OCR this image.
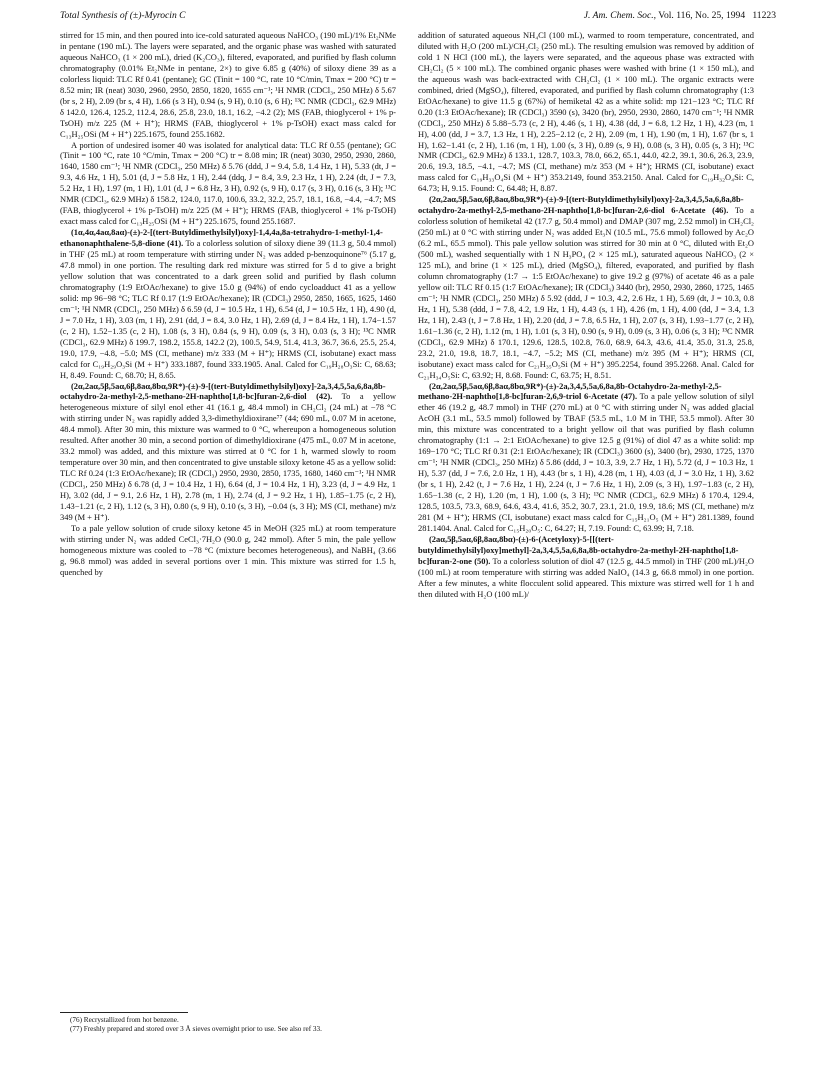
Total Synthesis of (±)-Myrocin C	J. Am. Chem. Soc., Vol. 116, No. 25, 1994 11223

stirred for 15 min, and then poured into ice-cold saturated aqueous NaHCO₃ (190 mL)/1% Et₂NMe in pentane (190 mL). The layers were separated, and the organic phase was washed with saturated aqueous NaHCO₃ (1 × 200 mL), dried (K₂CO₃), filtered, evaporated, and purified by flash column chromatography (0.01% Et₂NMe in pentane, 2×) to give 6.85 g (40%) of siloxy diene 39 as a colorless liquid: TLC Rf 0.41 (pentane); GC (Tinit = 100 °C, rate 10 °C/min, Tmax = 200 °C) tr = 8.52 min; IR (neat) 3030, 2960, 2950, 2850, 1820, 1655 cm⁻¹; ¹H NMR (CDCl₃, 250 MHz) δ 5.67 (br s, 2 H), 2.09 (br s, 4 H), 1.66 (s 3 H), 0.94 (s, 9 H), 0.10 (s, 6 H); ¹³C NMR (CDCl₃, 62.9 MHz) δ 142.0, 126.4, 125.2, 112.4, 28.6, 25.8, 23.0, 18.1, 16.2, −4.2 (2); MS (FAB, thioglycerol + 1% p-TsOH) m/z 225 (M + H⁺); HRMS (FAB, thioglycerol + 1% p-TsOH) exact mass calcd for C₁₃H₂₅OSi (M + H⁺) 225.1675, found 255.1682.

A portion of undesired isomer 40 was isolated for analytical data: TLC Rf 0.55 (pentane); GC (Tinit = 100 °C, rate 10 °C/min, Tmax = 200 °C) tr = 8.08 min; IR (neat) 3030, 2950, 2930, 2860, 1640, 1580 cm⁻¹; ¹H NMR (CDCl₃, 250 MHz) δ 5.76 (ddd, J = 9.4, 5.8, 1.4 Hz, 1 H), 5.33 (dt, J = 9.3, 4.6 Hz, 1 H), 5.01 (d, J = 5.8 Hz, 1 H), 2.44 (ddq, J = 8.4, 3.9, 2.3 Hz, 1 H), 2.24 (dt, J = 7.3, 5.2 Hz, 1 H), 1.97 (m, 1 H), 1.01 (d, J = 6.8 Hz, 3 H), 0.92 (s, 9 H), 0.17 (s, 3 H), 0.16 (s, 3 H); ¹³C NMR (CDCl₃, 62.9 MHz) δ 158.2, 124.0, 117.0, 100.6, 33.2, 32.2, 25.7, 18.1, 16.8, −4.4, −4.7; MS (FAB, thioglycerol + 1% p-TsOH) m/z 225 (M + H⁺); HRMS (FAB, thioglycerol + 1% p-TsOH) exact mass calcd for C₁₃H₂₅OSi (M + H⁺) 225.1675, found 255.1687.

(1α,4α,4aα,8aα)-(±)-2-[(tert-Butyldimethylsilyl)oxy]-1,4,4a,8a-tetrahydro-1-methyl-1,4-ethanonaphthalene-5,8-dione (41). To a colorless solution of siloxy diene 39 (11.3 g, 50.4 mmol) in THF (25 mL) at room temperature with stirring under N₂ was added p-benzoquinone⁷⁶ (5.17 g, 47.8 mmol) in one portion. The resulting dark red mixture was stirred for 5 d to give a bright yellow solution that was concentrated to a dark green solid and purified by flash column chromatography (1:9 EtOAc/hexane) to give 15.0 g (94%) of endo cycloadduct 41 as a yellow solid: mp 96−98 °C; TLC Rf 0.17 (1:9 EtOAc/hexane); IR (CDCl₃) 2950, 2850, 1665, 1625, 1460 cm⁻¹; ¹H NMR (CDCl₃, 250 MHz) δ 6.59 (d, J = 10.5 Hz, 1 H), 6.54 (d, J = 10.5 Hz, 1 H), 4.90 (d, J = 7.0 Hz, 1 H), 3.03 (m, 1 H), 2.91 (dd, J = 8.4, 3.0 Hz, 1 H), 2.69 (d, J = 8.4 Hz, 1 H), 1.74−1.57 (c, 2 H), 1.52−1.35 (c, 2 H), 1.08 (s, 3 H), 0.84 (s, 9 H), 0.09 (s, 3 H), 0.03 (s, 3 H); ¹³C NMR (CDCl₃, 62.9 MHz) δ 199.7, 198.2, 155.8, 142.2 (2), 100.5, 54.9, 51.4, 41.3, 36.7, 36.6, 25.5, 25.4, 19.0, 17.9, −4.8, −5.0; MS (CI, methane) m/z 333 (M + H⁺); HRMS (CI, isobutane) exact mass calcd for C₁₉H₂₉O₃Si (M + H⁺) 333.1887, found 333.1905. Anal. Calcd for C₁₉H₂₈O₃Si: C, 68.63; H, 8.49. Found: C, 68.70; H, 8.65.

(2α,2aα,5β,5aα,6β,8aα,8bα,9R*)-(±)-9-[(tert-Butyldimethylsilyl)oxy]-2a,3,4,5,5a,6,8a,8b-octahydro-2a-methyl-2,5-methano-2H-naphtho[1,8-bc]furan-2,6-diol (42). To a yellow heterogeneous mixture of silyl enol ether 41 (16.1 g, 48.4 mmol) in CH₂Cl₂ (24 mL) at −78 °C with stirring under N₂ was rapidly added 3,3-dimethyldioxirane⁷⁷ (44; 690 mL, 0.07 M in acetone, 48.4 mmol). After 30 min, this mixture was warmed to 0 °C, whereupon a homogeneous solution resulted. After another 30 min, a second portion of dimethyldioxirane (475 mL, 0.07 M in acetone, 33.2 mmol) was added, and this mixture was stirred at 0 °C for 1 h, warmed slowly to room temperature over 30 min, and then concentrated to give unstable siloxy ketone 45 as a yellow solid: TLC Rf 0.24 (1:3 EtOAc/hexane); IR (CDCl₃) 2950, 2930, 2850, 1735, 1680, 1460 cm⁻¹; ¹H NMR (CDCl₃, 250 MHz) δ 6.78 (d, J = 10.4 Hz, 1 H), 6.64 (d, J = 10.4 Hz, 1 H), 3.23 (d, J = 4.9 Hz, 1 H), 3.02 (dd, J = 9.1, 2.6 Hz, 1 H), 2.78 (m, 1 H), 2.74 (d, J = 9.2 Hz, 1 H), 1.85−1.75 (c, 2 H), 1.43−1.21 (c, 2 H), 1.12 (s, 3 H), 0.80 (s, 9 H), 0.10 (s, 3 H), −0.04 (s, 3 H); MS (CI, methane) m/z 349 (M + H⁺).

To a pale yellow solution of crude siloxy ketone 45 in MeOH (325 mL) at room temperature with stirring under N₂ was added CeCl₃·7H₂O (90.0 g, 242 mmol). After 5 min, the pale yellow homogeneous mixture was cooled to −78 °C (mixture becomes heterogeneous), and NaBH₄ (3.66 g, 96.8 mmol) was added in several portions over 1 min. This mixture was stirred for 1.5 h, quenched by

(76) Recrystallized from hot benzene.

(77) Freshly prepared and stored over 3 Å sieves overnight prior to use. See also ref 33.

addition of saturated aqueous NH₄Cl (100 mL), warmed to room temperature, concentrated, and diluted with H₂O (200 mL)/CH₂Cl₂ (250 mL). The resulting emulsion was removed by addition of cold 1 N HCl (100 mL), the layers were separated, and the aqueous phase was extracted with CH₂Cl₂ (5 × 100 mL). The combined organic phases were washed with brine (1 × 150 mL), and the aqueous wash was back-extracted with CH₂Cl₂ (1 × 100 mL). The organic extracts were combined, dried (MgSO₄), filtered, evaporated, and purified by flash column chromatography (1:3 EtOAc/hexane) to give 11.5 g (67%) of hemiketal 42 as a white solid: mp 121−123 °C; TLC Rf 0.20 (1:3 EtOAc/hexane); IR (CDCl₃) 3590 (s), 3420 (br), 2950, 2930, 2860, 1470 cm⁻¹; ¹H NMR (CDCl₃, 250 MHz) δ 5.88−5.73 (c, 2 H), 4.46 (s, 1 H), 4.38 (dd, J = 6.8, 1.2 Hz, 1 H), 4.23 (m, 1 H), 4.00 (dd, J = 3.7, 1.3 Hz, 1 H), 2.25−2.12 (c, 2 H), 2.09 (m, 1 H), 1.90 (m, 1 H), 1.67 (br s, 1 H), 1.62−1.41 (c, 2 H), 1.16 (m, 1 H), 1.00 (s, 3 H), 0.89 (s, 9 H), 0.08 (s, 3 H), 0.05 (s, 3 H); ¹³C NMR (CDCl₃, 62.9 MHz) δ 133.1, 128.7, 103.3, 78.0, 66.2, 65.1, 44.0, 42.2, 39.1, 30.6, 26.3, 23.9, 20.6, 19.3, 18.5, −4.1, −4.7; MS (CI, methane) m/z 353 (M + H⁺); HRMS (CI, isobutane) exact mass calcd for C₁₉H₃₃O₄Si (M + H⁺) 353.2149, found 353.2150. Anal. Calcd for C₁₉H₃₂O₄Si: C, 64.73; H, 9.15. Found: C, 64.48; H, 8.87.

(2α,2aα,5β,5aα,6β,8aα,8bα,9R*)-(±)-9-[(tert-Butyldimethylsilyl)oxy]-2a,3,4,5,5a,6,8a,8b-octahydro-2a-methyl-2,5-methano-2H-naphtho[1,8-bc]furan-2,6-diol 6-Acetate (46). To a colorless solution of hemiketal 42 (17.7 g, 50.4 mmol) and DMAP (307 mg, 2.52 mmol) in CH₂Cl₂ (250 mL) at 0 °C with stirring under N₂ was added Et₃N (10.5 mL, 75.6 mmol) followed by Ac₂O (6.2 mL, 65.5 mmol). This pale yellow solution was stirred for 30 min at 0 °C, diluted with Et₂O (500 mL), washed sequentially with 1 N H₃PO₄ (2 × 125 mL), saturated aqueous NaHCO₃ (2 × 125 mL), and brine (1 × 125 mL), dried (MgSO₄), filtered, evaporated, and purified by flash column chromatography (1:7 → 1:5 EtOAc/hexane) to give 19.2 g (97%) of acetate 46 as a pale yellow oil: TLC Rf 0.15 (1:7 EtOAc/hexane); IR (CDCl₃) 3440 (br), 2950, 2930, 2860, 1725, 1465 cm⁻¹; ¹H NMR (CDCl₃, 250 MHz) δ 5.92 (ddd, J = 10.3, 4.2, 2.6 Hz, 1 H), 5.69 (dt, J = 10.3, 0.8 Hz, 1 H), 5.38 (ddd, J = 7.8, 4.2, 1.9 Hz, 1 H), 4.43 (s, 1 H), 4.26 (m, 1 H), 4.00 (dd, J = 3.4, 1.3 Hz, 1 H), 2.43 (t, J = 7.8 Hz, 1 H), 2.20 (dd, J = 7.8, 6.5 Hz, 1 H), 2.07 (s, 3 H), 1.93−1.77 (c, 2 H), 1.61−1.36 (c, 2 H), 1.12 (m, 1 H), 1.01 (s, 3 H), 0.90 (s, 9 H), 0.09 (s, 3 H), 0.06 (s, 3 H); ¹³C NMR (CDCl₃, 62.9 MHz) δ 170.1, 129.6, 128.5, 102.8, 76.0, 68.9, 64.3, 43.6, 41.4, 35.0, 31.3, 25.8, 23.2, 21.0, 19.8, 18.7, 18.1, −4.7, −5.2; MS (CI, methane) m/z 395 (M + H⁺); HRMS (CI, isobutane) exact mass calcd for C₂₁H₃₅O₅Si (M + H⁺) 395.2254, found 395.2268. Anal. Calcd for C₂₁H₃₄O₅Si: C, 63.92; H, 8.68. Found: C, 63.75; H, 8.51.

(2α,2aα,5β,5aα,6β,8aα,8bα,9R*)-(±)-2a,3,4,5,5a,6,8a,8b-Octahydro-2a-methyl-2,5-methano-2H-naphtho[1,8-bc]furan-2,6,9-triol 6-Acetate (47). To a pale yellow solution of silyl ether 46 (19.2 g, 48.7 mmol) in THF (270 mL) at 0 °C with stirring under N₂ was added glacial AcOH (3.1 mL, 53.5 mmol) followed by TBAF (53.5 mL, 1.0 M in THF, 53.5 mmol). After 30 min, this mixture was concentrated to a bright yellow oil that was purified by flash column chromatography (1:1 → 2:1 EtOAc/hexane) to give 12.5 g (91%) of diol 47 as a white solid: mp 169−170 °C; TLC Rf 0.31 (2:1 EtOAc/hexane); IR (CDCl₃) 3600 (s), 3400 (br), 2930, 1725, 1370 cm⁻¹; ¹H NMR (CDCl₃, 250 MHz) δ 5.86 (ddd, J = 10.3, 3.9, 2.7 Hz, 1 H), 5.72 (d, J = 10.3 Hz, 1 H), 5.37 (dd, J = 7.6, 2.0 Hz, 1 H), 4.43 (br s, 1 H), 4.28 (m, 1 H), 4.03 (d, J = 3.0 Hz, 1 H), 3.62 (br s, 1 H), 2.42 (t, J = 7.6 Hz, 1 H), 2.24 (t, J = 7.6 Hz, 1 H), 2.09 (s, 3 H), 1.97−1.83 (c, 2 H), 1.65−1.38 (c, 2 H), 1.20 (m, 1 H), 1.00 (s, 3 H); ¹³C NMR (CDCl₃, 62.9 MHz) δ 170.4, 129.4, 128.5, 103.5, 73.3, 68.9, 64.6, 43.4, 41.6, 35.2, 30.7, 23.1, 21.0, 19.9, 18.6; MS (CI, methane) m/z 281 (M + H⁺); HRMS (CI, isobutane) exact mass calcd for C₁₅H₂₁O₅ (M + H⁺) 281.1389, found 281.1404. Anal. Calcd for C₁₅H₂₀O₅: C, 64.27; H, 7.19. Found: C, 63.99; H, 7.18.

(2aα,5β,5aα,6β,8aα,8bα)-(±)-6-(Acetyloxy)-5-[[(tert-butyldimethylsilyl)oxy]methyl]-2a,3,4,5,5a,6,8a,8b-octahydro-2a-methyl-2H-naphtho[1,8-bc]furan-2-one (50). To a colorless solution of diol 47 (12.5 g, 44.5 mmol) in THF (200 mL)/H₂O (100 mL) at room temperature with stirring was added NaIO₄ (14.3 g, 66.8 mmol) in one portion. After a few minutes, a white flocculent solid appeared. This mixture was stirred well for 1 h and then diluted with H₂O (100 mL)/
